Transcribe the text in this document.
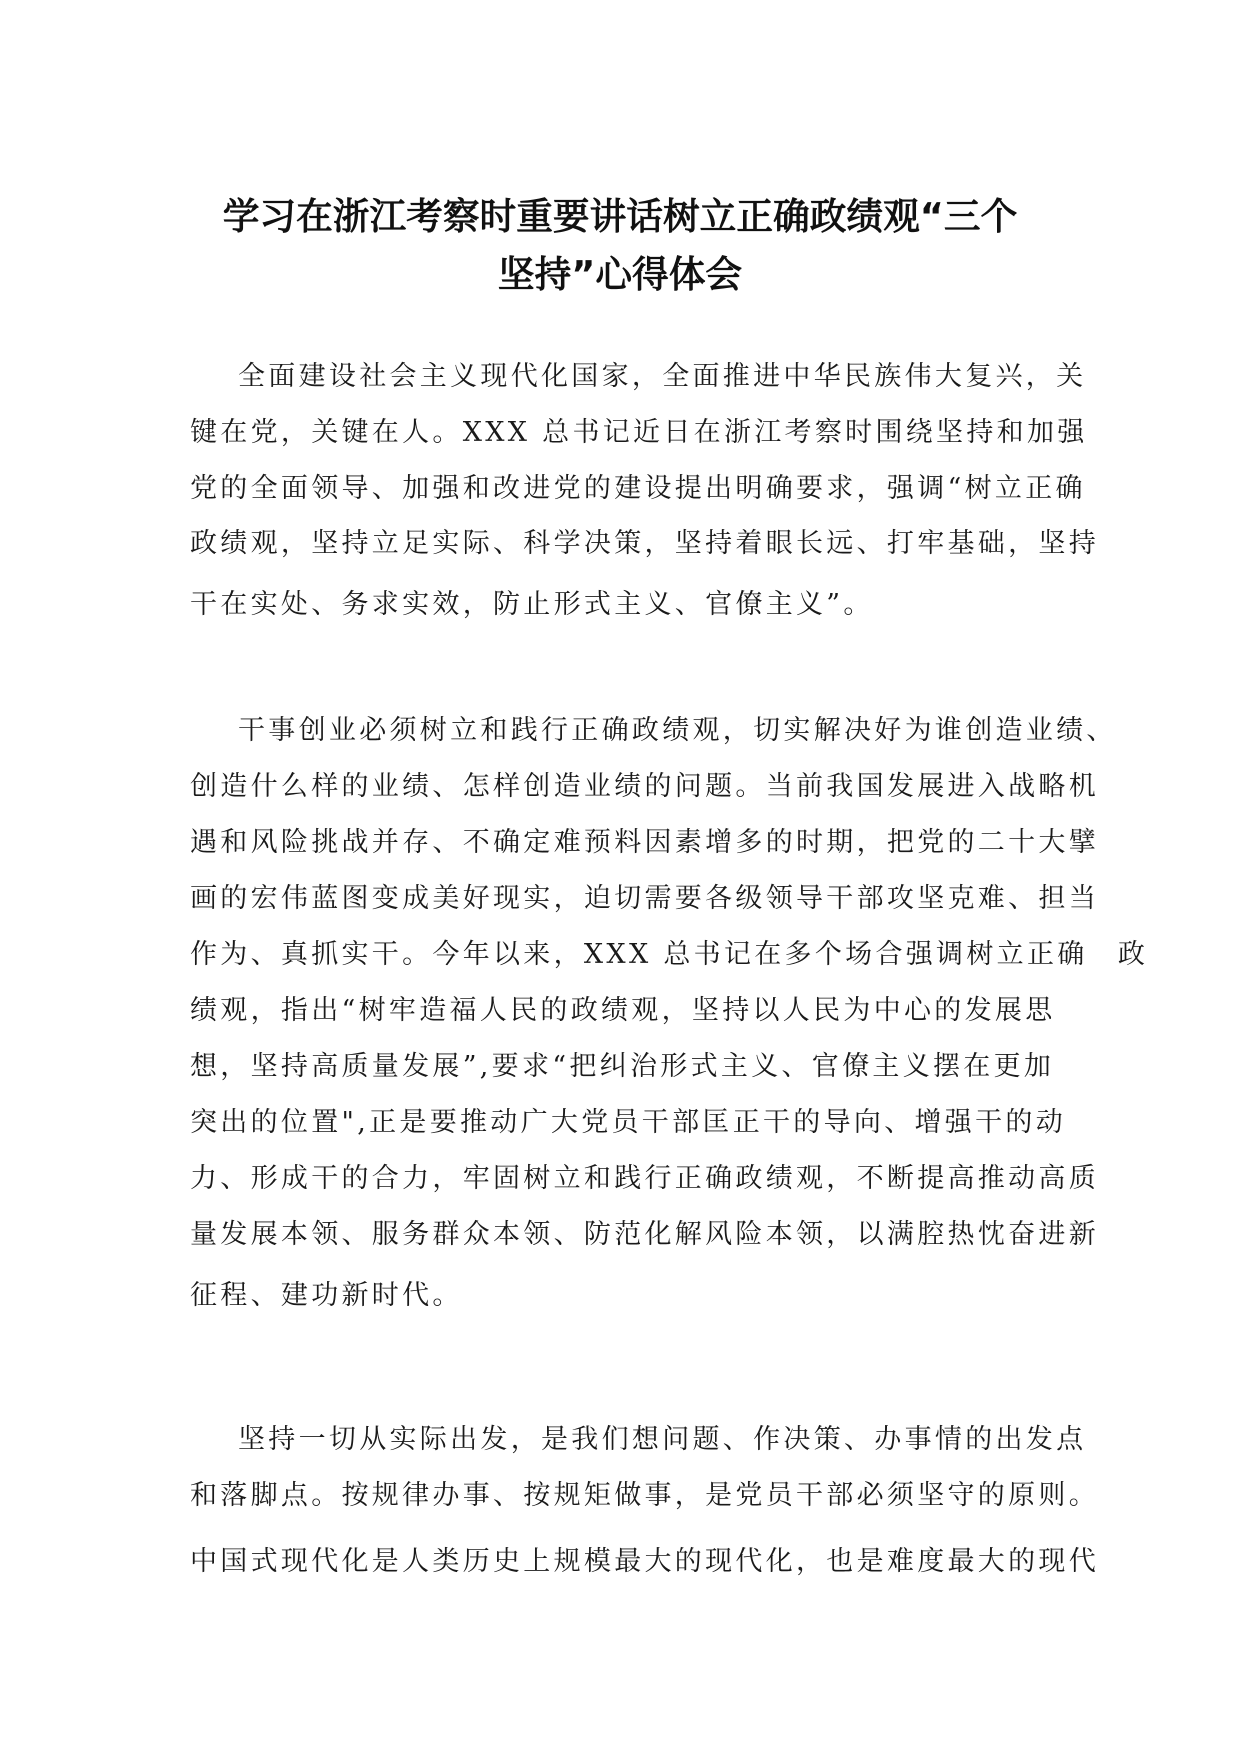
学习在浙江考察时重要讲话树立正确政绩观“三个
坚持”心得体会
全面建设社会主义现代化国家，全面推进中华民族伟大复兴，关
键在党，关键在人。XXX 总书记近日在浙江考察时围绕坚持和加强
党的全面领导、加强和改进党的建设提出明确要求，强调“树立正确
政绩观，坚持立足实际、科学决策，坚持着眼长远、打牢基础，坚持
干在实处、务求实效，防止形式主义、官僚主义”。
干事创业必须树立和践行正确政绩观，切实解决好为谁创造业绩、
创造什么样的业绩、怎样创造业绩的问题。当前我国发展进入战略机
遇和风险挑战并存、不确定难预料因素增多的时期，把党的二十大擘
画的宏伟蓝图变成美好现实，迫切需要各级领导干部攻坚克难、担当
作为、真抓实干。今年以来，XXX 总书记在多个场合强调树立正确　政
绩观，指出“树牢造福人民的政绩观，坚持以人民为中心的发展思
想，坚持高质量发展”,要求“把纠治形式主义、官僚主义摆在更加
突出的位置",正是要推动广大党员干部匡正干的导向、增强干的动
力、形成干的合力，牢固树立和践行正确政绩观，不断提高推动高质
量发展本领、服务群众本领、防范化解风险本领，以满腔热忱奋进新
征程、建功新时代。
坚持一切从实际出发，是我们想问题、作决策、办事情的出发点
和落脚点。按规律办事、按规矩做事，是党员干部必须坚守的原则。
中国式现代化是人类历史上规模最大的现代化，也是难度最大的现代
